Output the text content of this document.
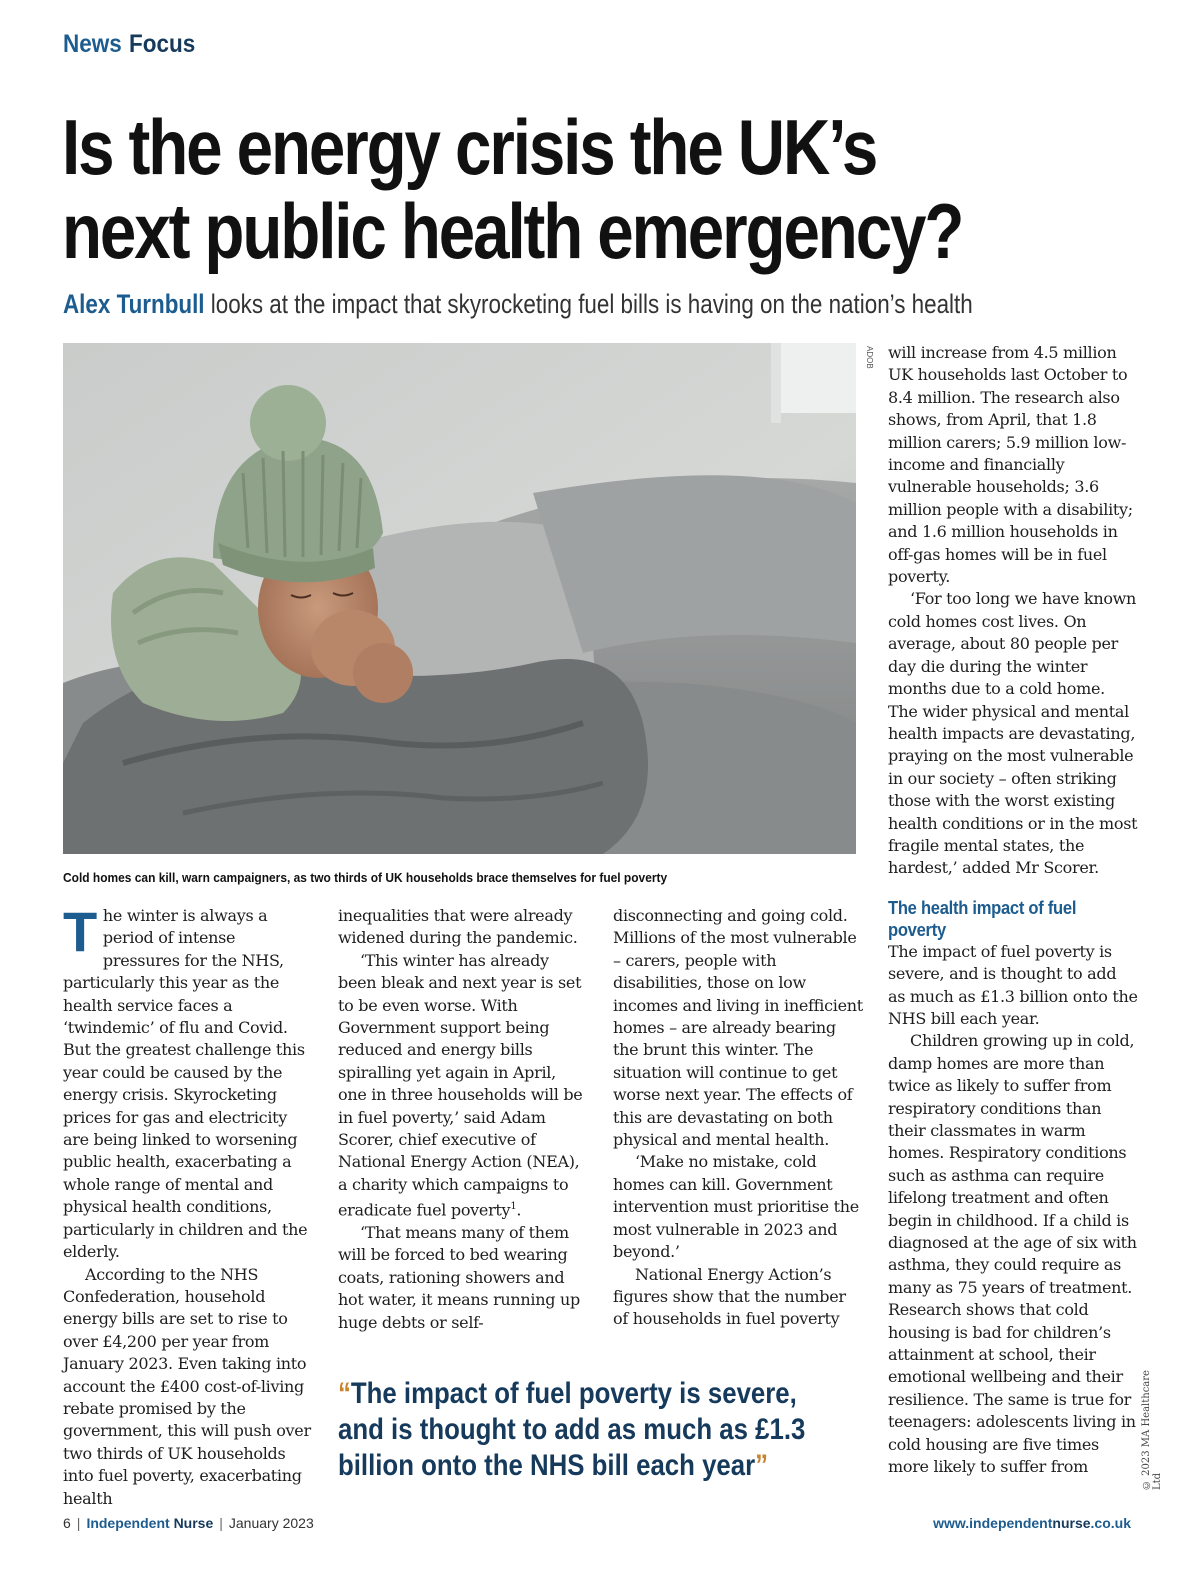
News Focus
Is the energy crisis the UK’s next public health emergency?
Alex Turnbull looks at the impact that skyrocketing fuel bills is having on the nation’s health
ADOB
Cold homes can kill, warn campaigners, as two thirds of UK households brace themselves for fuel poverty

The winter is always a period of intense pressures for the NHS, particularly this year as the health service faces a ‘twindemic’ of flu and Covid. But the greatest challenge this year could be caused by the energy crisis. Skyrocketing prices for gas and electricity are being linked to worsening public health, exacerbating a whole range of mental and physical health conditions, particularly in children and the elderly.

According to the NHS Confederation, household energy bills are set to rise to over £4,200 per year from January 2023. Even taking into account the £400 cost-of-living rebate promised by the government, this will push over two thirds of UK households into fuel poverty, exacerbating health

inequalities that were already widened during the pandemic.

‘This winter has already been bleak and next year is set to be even worse. With Government support being reduced and energy bills spiralling yet again in April, one in three households will be in fuel poverty,’ said Adam Scorer, chief executive of National Energy Action (NEA), a charity which campaigns to eradicate fuel poverty$^1$.

‘That means many of them will be forced to bed wearing coats, rationing showers and hot water, it means running up huge debts or self-

disconnecting and going cold. Millions of the most vulnerable – carers, people with disabilities, those on low incomes and living in inefficient homes – are already bearing the brunt this winter. The situation will continue to get worse next year. The effects of this are devastating on both physical and mental health.

‘Make no mistake, cold homes can kill. Government intervention must prioritise the most vulnerable in 2023 and beyond.’

National Energy Action’s figures show that the number of households in fuel poverty

will increase from 4.5 million UK households last October to 8.4 million. The research also shows, from April, that 1.8 million carers; 5.9 million low-income and financially vulnerable households; 3.6 million people with a disability; and 1.6 million households in off-gas homes will be in fuel poverty.

‘For too long we have known cold homes cost lives. On average, about 80 people per day die during the winter months due to a cold home. The wider physical and mental health impacts are devastating, praying on the most vulnerable in our society – often striking those with the worst existing health conditions or in the most fragile mental states, the hardest,’ added Mr Scorer.

The health impact of fuel poverty

The impact of fuel poverty is severe, and is thought to add as much as £1.3 billion onto the NHS bill each year.

Children growing up in cold, damp homes are more than twice as likely to suffer from respiratory conditions than their classmates in warm homes. Respiratory conditions such as asthma can require lifelong treatment and often begin in childhood. If a child is diagnosed at the age of six with asthma, they could require as many as 75 years of treatment. Research shows that cold housing is bad for children’s attainment at school, their emotional wellbeing and their resilience. The same is true for teenagers: adolescents living in cold housing are five times more likely to suffer from

“The impact of fuel poverty is severe, and is thought to add as much as £1.3 billion onto the NHS bill each year”	© 2023 MA Healthcare Ltd
6 | Independent Nurse | January 2023	www.independentnurse.co.uk
